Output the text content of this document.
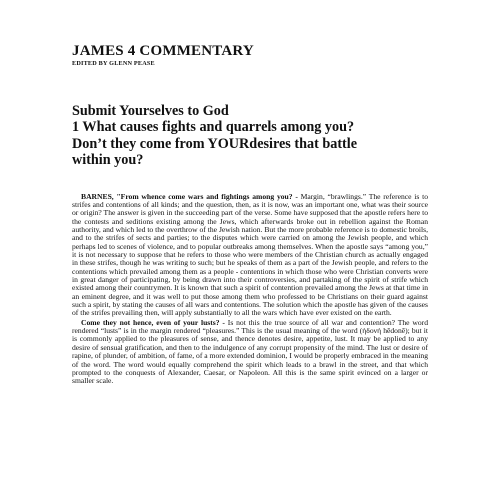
JAMES 4 COMMENTARY
EDITED BY GLENN PEASE
Submit Yourselves to God
1 What causes fights and quarrels among you?
Don’t they come from YOURdesires that battle
within you?

BARNES, "From whence come wars and fightings among you? - Margin, “brawlings.” The reference is to strifes and contentions of all kinds; and the question, then, as it is now, was an important one, what was their source or origin? The answer is given in the succeeding part of the verse. Some have supposed that the apostle refers here to the contests and seditions existing among the Jews, which afterwards broke out in rebellion against the Roman authority, and which led to the overthrow of the Jewish nation. But the more probable reference is to domestic broils, and to the strifes of sects and parties; to the disputes which were carried on among the Jewish people, and which perhaps led to scenes of violence, and to popular outbreaks among themselves. When the apostle says “among you,” it is not necessary to suppose that he refers to those who were members of the Christian church as actually engaged in these strifes, though he was writing to such; but he speaks of them as a part of the Jewish people, and refers to the contentions which prevailed among them as a people - contentions in which those who were Christian converts were in great danger of participating, by being drawn into their controversies, and partaking of the spirit of strife which existed among their countrymen. It is known that such a spirit of contention prevailed among the Jews at that time in an eminent degree, and it was well to put those among them who professed to be Christians on their guard against such a spirit, by stating the causes of all wars and contentions. The solution which the apostle has given of the causes of the strifes prevailing then, will apply substantially to all the wars which have ever existed on the earth.

Come they not hence, even of your lusts? - Is not this the true source of all war and contention? The word rendered “lusts” is in the margin rendered “pleasures.” This is the usual meaning of the word (ἡδονή hēdonē); but it is commonly applied to the pleasures of sense, and thence denotes desire, appetite, lust. It may be applied to any desire of sensual gratification, and then to the indulgence of any corrupt propensity of the mind. The lust or desire of rapine, of plunder, of ambition, of fame, of a more extended dominion, I would be properly embraced in the meaning of the word. The word would equally comprehend the spirit which leads to a brawl in the street, and that which prompted to the conquests of Alexander, Caesar, or Napoleon. All this is the same spirit evinced on a larger or smaller scale.
